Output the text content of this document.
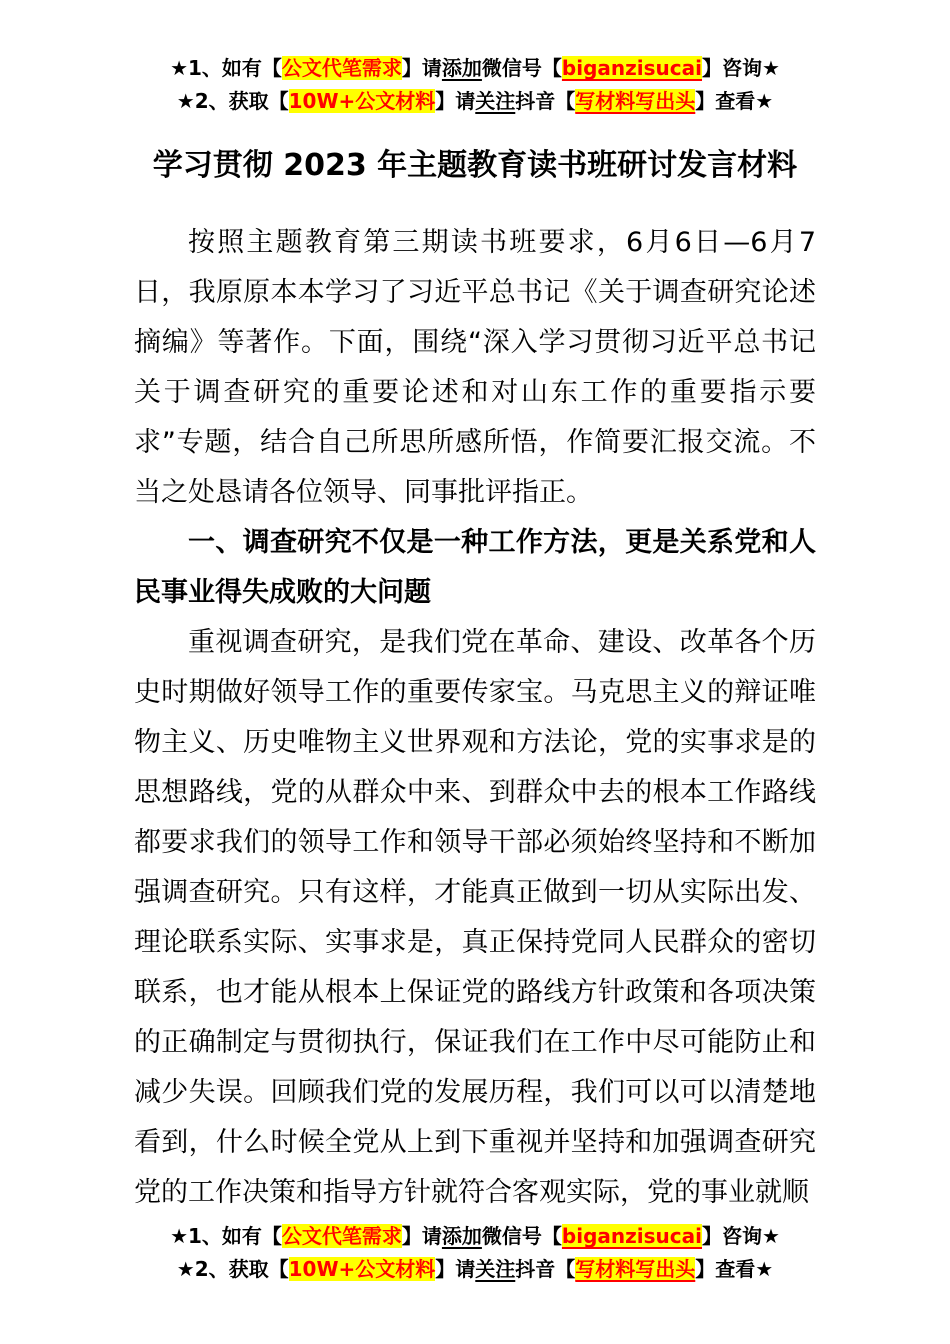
★1、如有【公文代笔需求】请添加微信号【biganzisucai】咨询★
★2、获取【10W+公文材料】请关注抖音【写材料写出头】查看★
学习贯彻 2023 年主题教育读书班研讨发言材料

按照主题教育第三期读书班要求，6月6日—6月7日，我原原本本学习了习近平总书记《关于调查研究论述摘编》等著作。下面，围绕“深入学习贯彻习近平总书记关于调查研究的重要论述和对山东工作的重要指示要求”专题，结合自己所思所感所悟，作简要汇报交流。不当之处恳请各位领导、同事批评指正。

一、调查研究不仅是一种工作方法，更是关系党和人民事业得失成败的大问题

重视调查研究，是我们党在革命、建设、改革各个历史时期做好领导工作的重要传家宝。马克思主义的辩证唯物主义、历史唯物主义世界观和方法论，党的实事求是的思想路线，党的从群众中来、到群众中去的根本工作路线都要求我们的领导工作和领导干部必须始终坚持和不断加强调查研究。只有这样，才能真正做到一切从实际出发、理论联系实际、实事求是，真正保持党同人民群众的密切联系，也才能从根本上保证党的路线方针政策和各项决策的正确制定与贯彻执行，保证我们在工作中尽可能防止和减少失误。回顾我们党的发展历程，我们可以可以清楚地看到，什么时候全党从上到下重视并坚持和加强调查研究党的工作决策和指导方针就符合客观实际，党的事业就顺

★1、如有【公文代笔需求】请添加微信号【biganzisucai】咨询★
★2、获取【10W+公文材料】请关注抖音【写材料写出头】查看★
